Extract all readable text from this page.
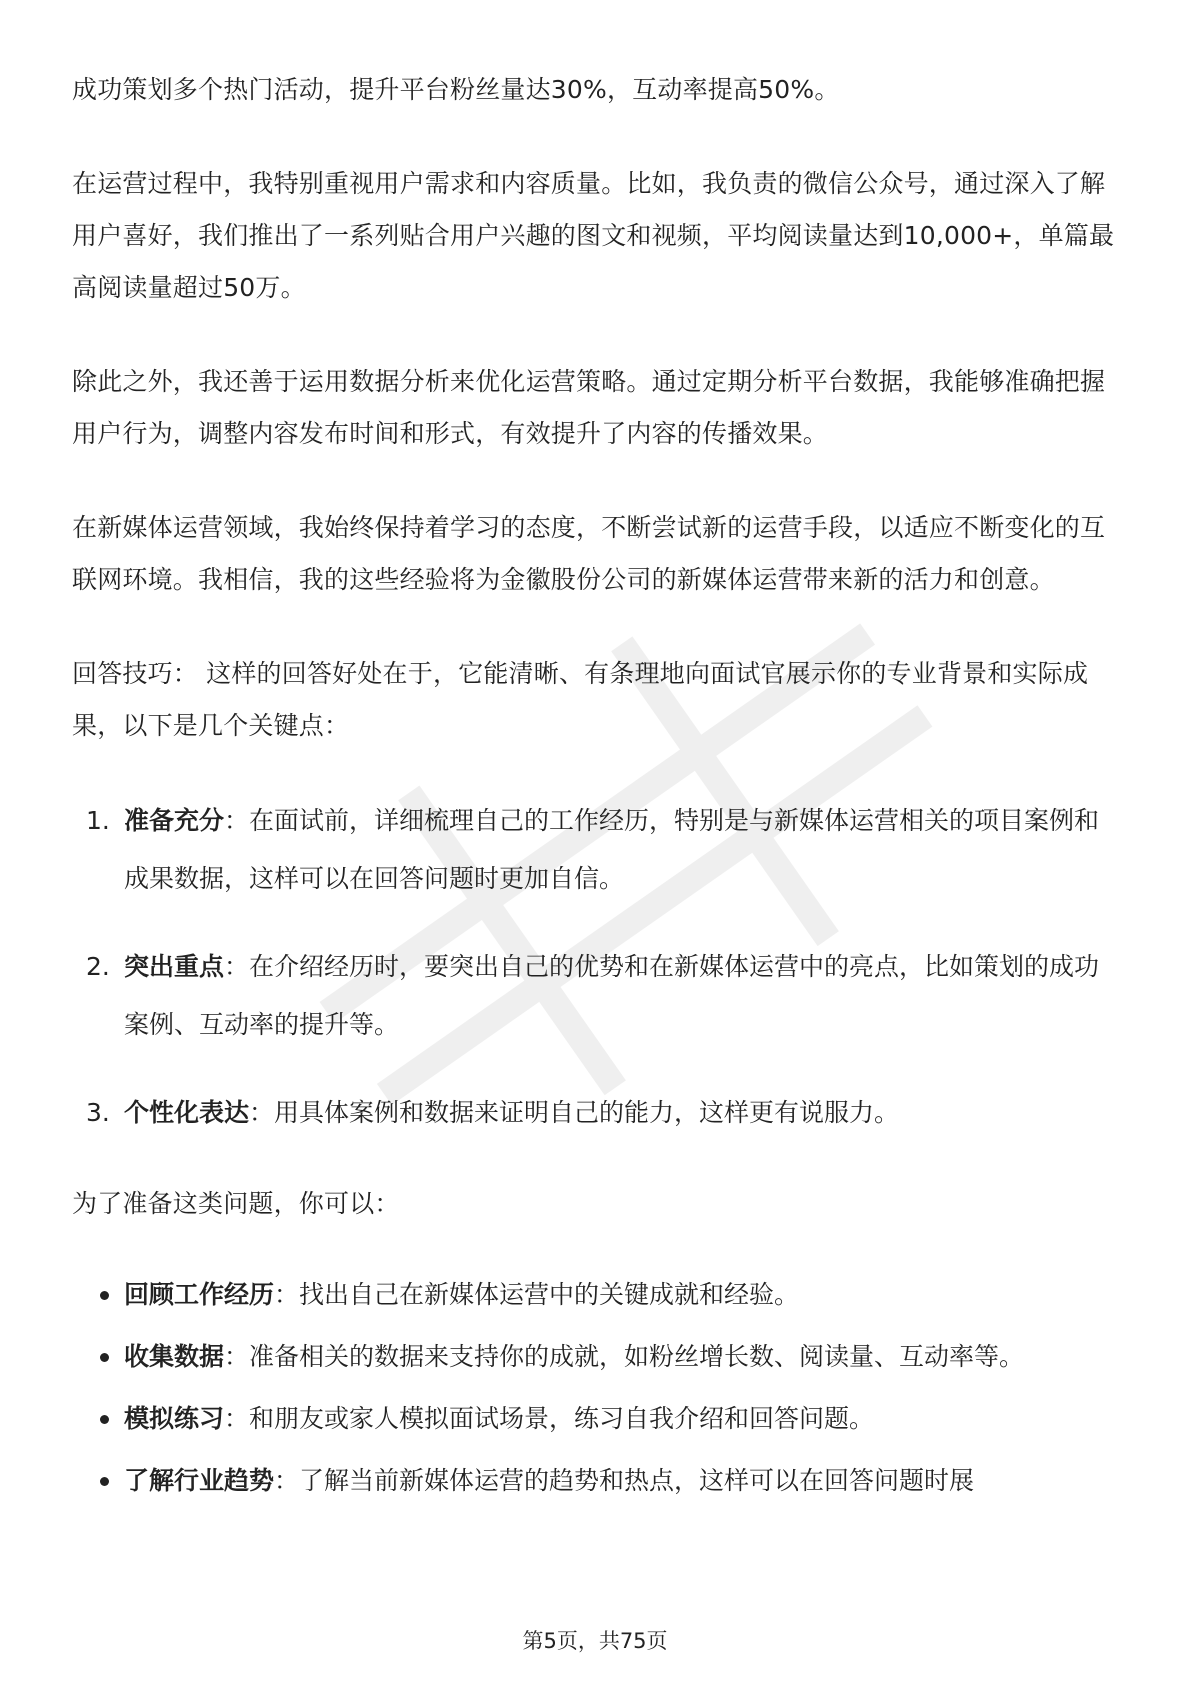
成功策划多个热门活动，提升平台粉丝量达30%，互动率提高50%。

在运营过程中，我特别重视用户需求和内容质量。比如，我负责的微信公众号，通过深入了解用户喜好，我们推出了一系列贴合用户兴趣的图文和视频，平均阅读量达到10,000+，单篇最高阅读量超过50万。

除此之外，我还善于运用数据分析来优化运营策略。通过定期分析平台数据，我能够准确把握用户行为，调整内容发布时间和形式，有效提升了内容的传播效果。

在新媒体运营领域，我始终保持着学习的态度，不断尝试新的运营手段，以适应不断变化的互联网环境。我相信，我的这些经验将为金徽股份公司的新媒体运营带来新的活力和创意。

回答技巧： 这样的回答好处在于，它能清晰、有条理地向面试官展示你的专业背景和实际成果，以下是几个关键点：

1. 准备充分：在面试前，详细梳理自己的工作经历，特别是与新媒体运营相关的项目案例和成果数据，这样可以在回答问题时更加自信。
2. 突出重点：在介绍经历时，要突出自己的优势和在新媒体运营中的亮点，比如策划的成功案例、互动率的提升等。
3. 个性化表达：用具体案例和数据来证明自己的能力，这样更有说服力。

为了准备这类问题，你可以：

回顾工作经历：找出自己在新媒体运营中的关键成就和经验。
收集数据：准备相关的数据来支持你的成就，如粉丝增长数、阅读量、互动率等。
模拟练习：和朋友或家人模拟面试场景，练习自我介绍和回答问题。
了解行业趋势：了解当前新媒体运营的趋势和热点，这样可以在回答问题时展
第5页，共75页
